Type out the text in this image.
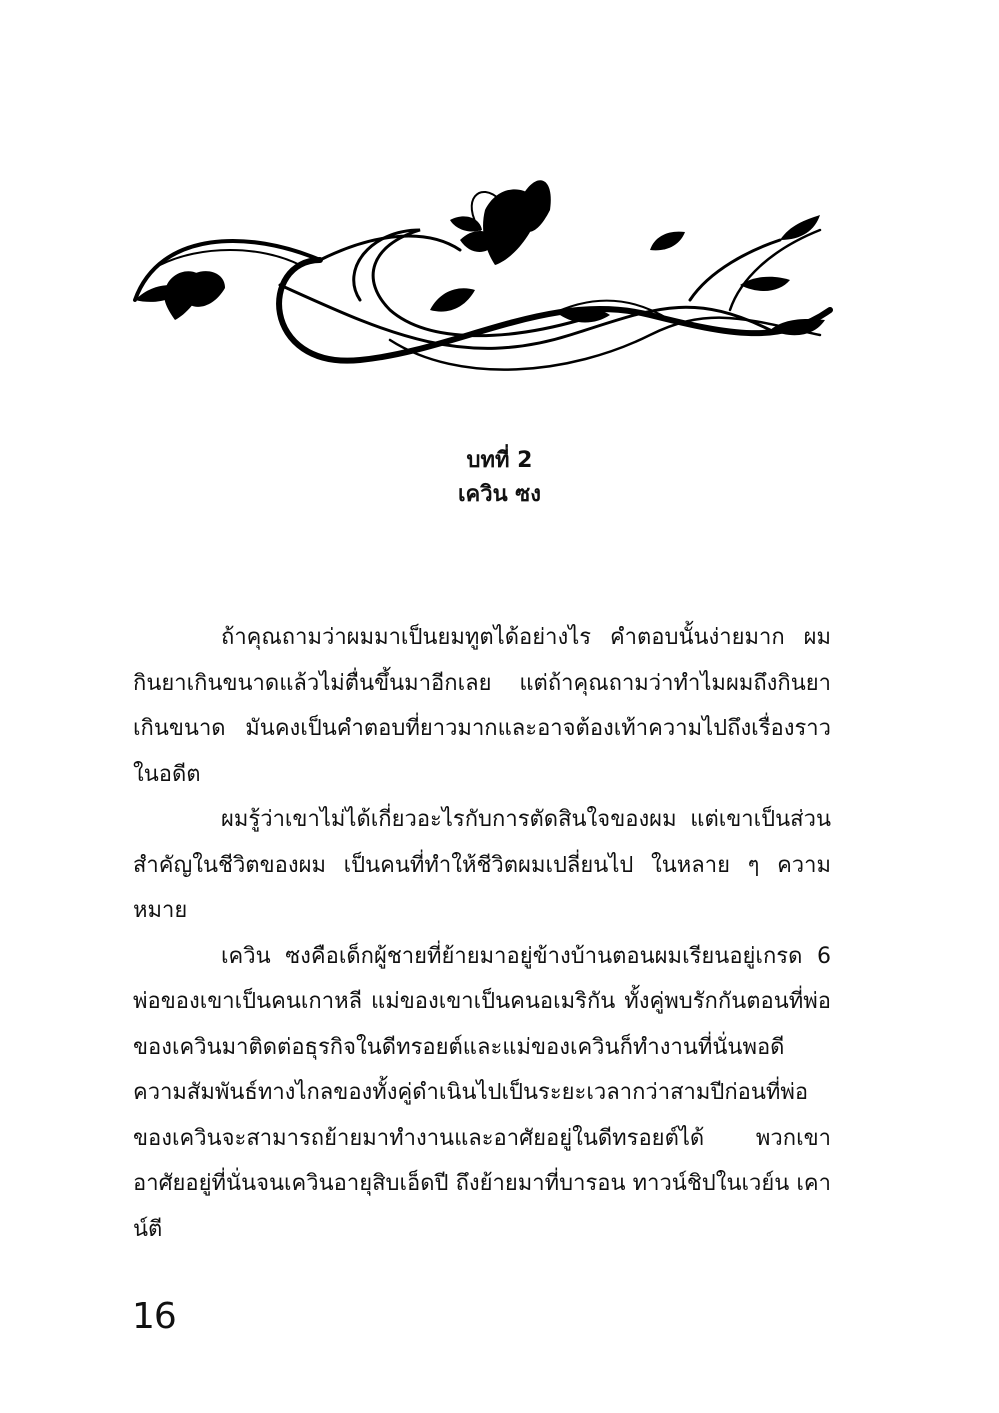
บทที่ 2
เควิน ซง

ถ้าคุณถามว่าผมมาเป็นยมทูตได้อย่างไร คำตอบนั้นง่ายมาก ผมกินยาเกินขนาดแล้วไม่ตื่นขึ้นมาอีกเลย แต่ถ้าคุณถามว่าทำไมผมถึงกินยาเกินขนาด มันคงเป็นคำตอบที่ยาวมากและอาจต้องเท้าความไปถึงเรื่องราวในอดีต

ผมรู้ว่าเขาไม่ได้เกี่ยวอะไรกับการตัดสินใจของผม แต่เขาเป็นส่วนสำคัญในชีวิตของผม เป็นคนที่ทำให้ชีวิตผมเปลี่ยนไป ในหลาย ๆ ความหมาย

เควิน ซงคือเด็กผู้ชายที่ย้ายมาอยู่ข้างบ้านตอนผมเรียนอยู่เกรด 6 พ่อของเขาเป็นคนเกาหลี แม่ของเขาเป็นคนอเมริกัน ทั้งคู่พบรักกันตอนที่พ่อของเควินมาติดต่อธุรกิจในดีทรอยต์และแม่ของเควินก็ทำงานที่นั่นพอดี ความสัมพันธ์ทางไกลของทั้งคู่ดำเนินไปเป็นระยะเวลากว่าสามปีก่อนที่พ่อของเควินจะสามารถย้ายมาทำงานและอาศัยอยู่ในดีทรอยต์ได้ พวกเขาอาศัยอยู่ที่นั่นจนเควินอายุสิบเอ็ดปี ถึงย้ายมาที่บารอน ทาวน์ชิปในเวย์น เคาน์ตี

16
